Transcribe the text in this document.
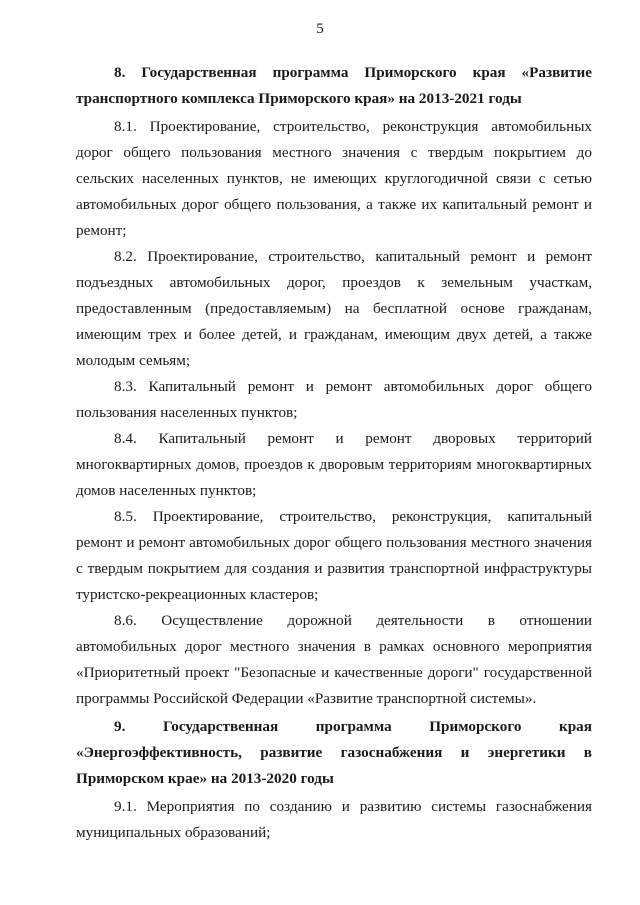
5

8. Государственная программа Приморского края «Развитие транспортного комплекса Приморского края» на 2013-2021 годы

8.1. Проектирование, строительство, реконструкция автомобильных дорог общего пользования местного значения с твердым покрытием до сельских населенных пунктов, не имеющих круглогодичной связи с сетью автомобильных дорог общего пользования, а также их капитальный ремонт и ремонт;

8.2. Проектирование, строительство, капитальный ремонт и ремонт подъездных автомобильных дорог, проездов к земельным участкам, предоставленным (предоставляемым) на бесплатной основе гражданам, имеющим трех и более детей, и гражданам, имеющим двух детей, а также молодым семьям;

8.3. Капитальный ремонт и ремонт автомобильных дорог общего пользования населенных пунктов;

8.4. Капитальный ремонт и ремонт дворовых территорий многоквартирных домов, проездов к дворовым территориям многоквартирных домов населенных пунктов;

8.5. Проектирование, строительство, реконструкция, капитальный ремонт и ремонт автомобильных дорог общего пользования местного значения с твердым покрытием для создания и развития транспортной инфраструктуры туристско-рекреационных кластеров;

8.6. Осуществление дорожной деятельности в отношении автомобильных дорог местного значения в рамках основного мероприятия «Приоритетный проект "Безопасные и качественные дороги" государственной программы Российской Федерации «Развитие транспортной системы».

9. Государственная программа Приморского края «Энергоэффективность, развитие газоснабжения и энергетики в Приморском крае» на 2013-2020 годы

9.1. Мероприятия по созданию и развитию системы газоснабжения муниципальных образований;
